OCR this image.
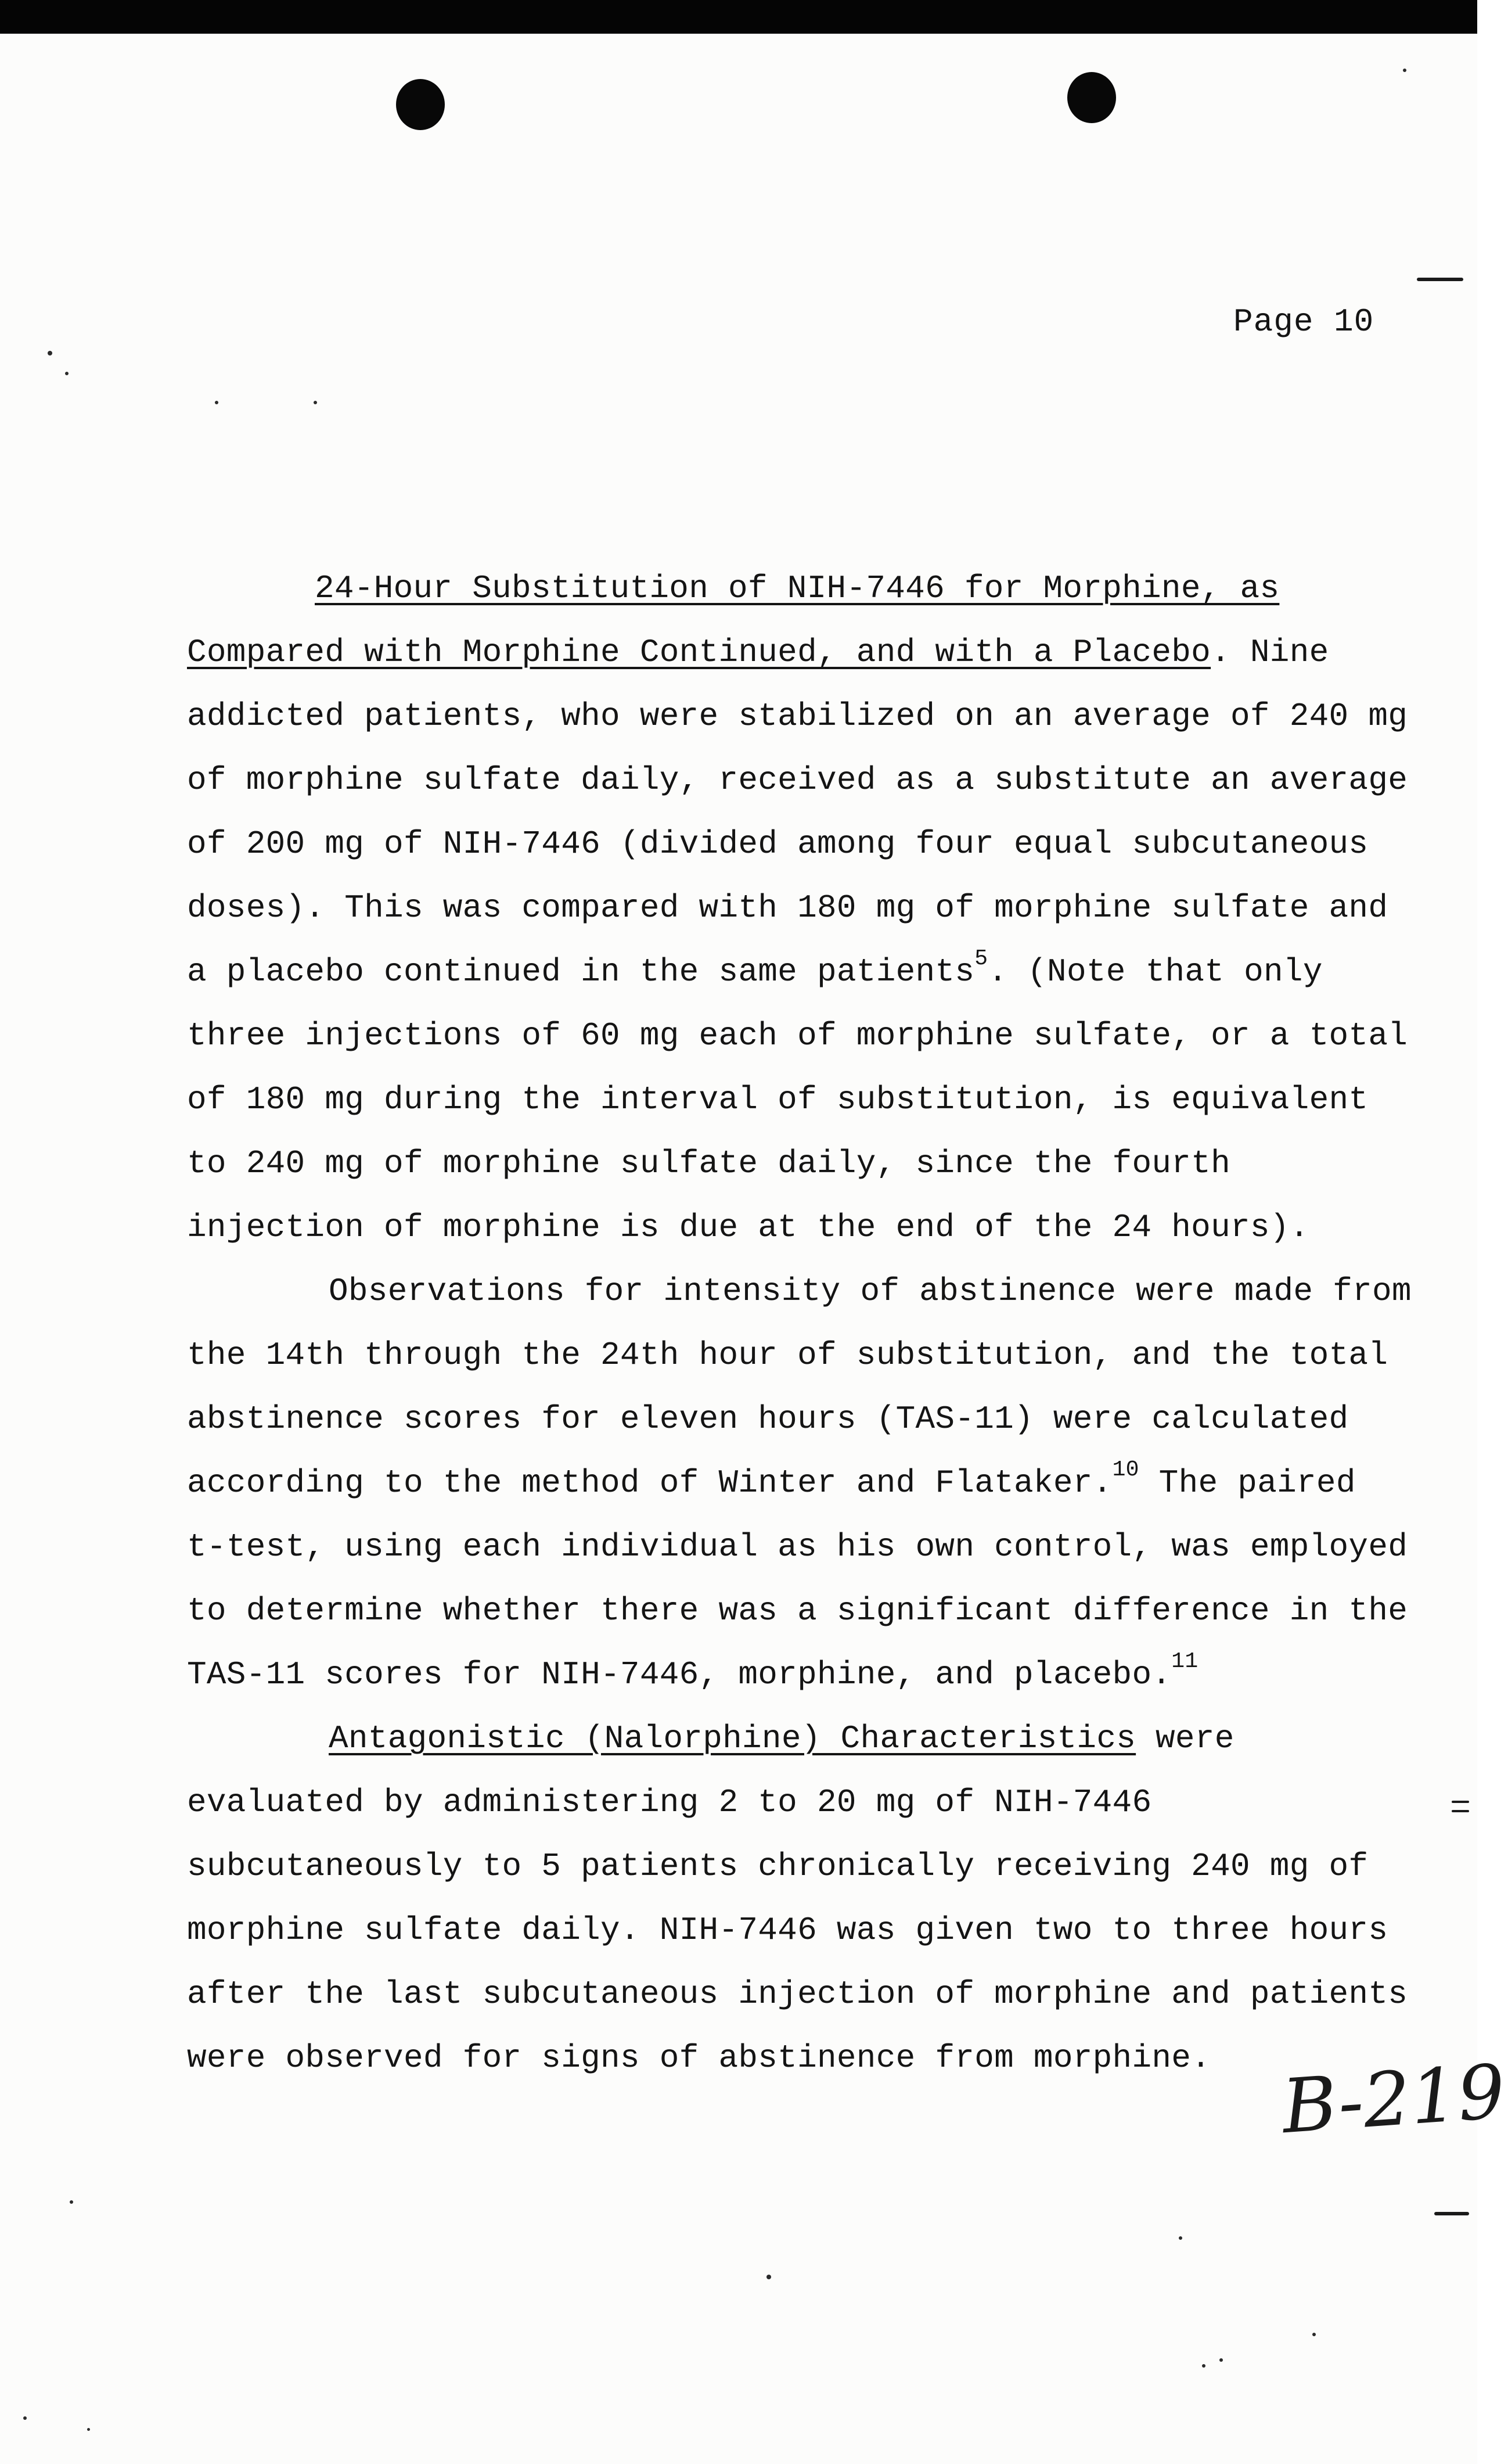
Page 10

24-Hour Substitution of NIH-7446 for Morphine, as
Compared with Morphine Continued, and with a Placebo. Nine addicted patients, who were stabilized on an average of 240 mg of morphine sulfate daily, received as a substitute an average of 200 mg of NIH-7446 (divided among four equal subcutaneous doses). This was compared with 180 mg of morphine sulfate and a placebo continued in the same patients$^5$. (Note that only three injections of 60 mg each of morphine sulfate, or a total of 180 mg during the interval of substitution, is equivalent to 240 mg of morphine sulfate daily, since the fourth injection of morphine is due at the end of the 24 hours).

Observations for intensity of abstinence were made from the 14th through the 24th hour of substitution, and the total abstinence scores for eleven hours (TAS-11) were calculated according to the method of Winter and Flataker.$^{10}$ The paired t-test, using each individual as his own control, was employed to determine whether there was a significant difference in the TAS-11 scores for NIH-7446, morphine, and placebo.$^{11}$

Antagonistic (Nalorphine) Characteristics were evaluated by administering 2 to 20 mg of NIH-7446 subcutaneously to 5 patients chronically receiving 240 mg of morphine sulfate daily. NIH-7446 was given two to three hours after the last subcutaneous injection of morphine and patients were observed for signs of abstinence from morphine. B-219
